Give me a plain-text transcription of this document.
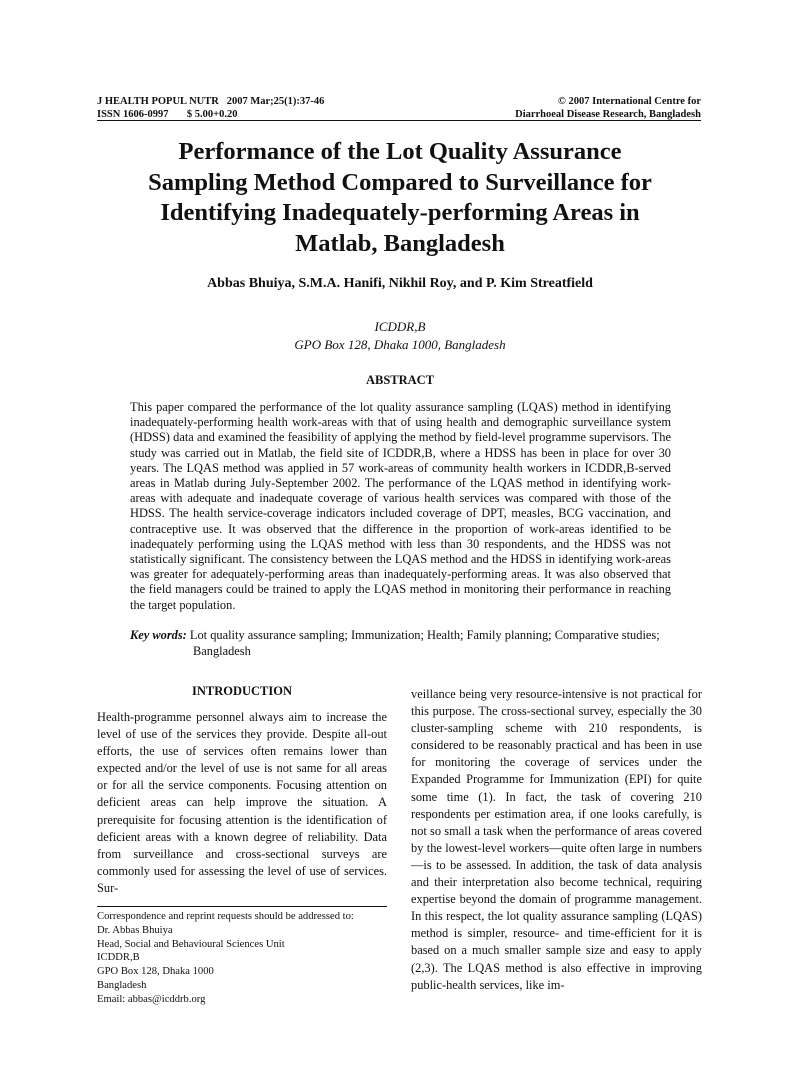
J HEALTH POPUL NUTR   2007 Mar;25(1):37-46
ISSN 1606-0997       $ 5.00+0.20
© 2007 International Centre for
Diarrhoeal Disease Research, Bangladesh
Performance of the Lot Quality Assurance
Sampling Method Compared to Surveillance for
Identifying Inadequately-performing Areas in
Matlab, Bangladesh
Abbas Bhuiya, S.M.A. Hanifi, Nikhil Roy, and P. Kim Streatfield
ICDDR,B
GPO Box 128, Dhaka 1000, Bangladesh
ABSTRACT

This paper compared the performance of the lot quality assurance sampling (LQAS) method in identifying inadequately-performing health work-areas with that of using health and demographic surveillance system (HDSS) data and examined the feasibility of applying the method by field-level programme supervisors. The study was carried out in Matlab, the field site of ICDDR,B, where a HDSS has been in place for over 30 years. The LQAS method was applied in 57 work-areas of community health workers in ICDDR,B-served areas in Matlab during July-September 2002. The performance of the LQAS method in identifying work-areas with adequate and inadequate coverage of various health services was compared with those of the HDSS. The health service-coverage indicators included coverage of DPT, measles, BCG vaccination, and contraceptive use. It was observed that the difference in the proportion of work-areas identified to be inadequately performing using the LQAS method with less than 30 respondents, and the HDSS was not statistically significant. The consistency between the LQAS method and the HDSS in identifying work-areas was greater for adequately-performing areas than inadequately-performing areas. It was also observed that the field managers could be trained to apply the LQAS method in monitoring their performance in reaching the target population.

Key words: Lot quality assurance sampling; Immunization; Health; Family planning; Comparative studies; Bangladesh
INTRODUCTION

Health-programme personnel always aim to increase the level of use of the services they provide. Despite all-out efforts, the use of services often remains lower than expected and/or the level of use is not same for all areas or for all the service components. Focusing attention on deficient areas can help improve the situation. A prerequisite for focusing attention is the identification of deficient areas with a known degree of reliability. Data from surveillance and cross-sectional surveys are commonly used for assessing the level of use of services. Sur-

Correspondence and reprint requests should be addressed to:
Dr. Abbas Bhuiya
Head, Social and Behavioural Sciences Unit
ICDDR,B
GPO Box 128, Dhaka 1000
Bangladesh
Email: abbas@icddrb.org

veillance being very resource-intensive is not practical for this purpose. The cross-sectional survey, especially the 30 cluster-sampling scheme with 210 respondents, is considered to be reasonably practical and has been in use for monitoring the coverage of services under the Expanded Programme for Immunization (EPI) for quite some time (1). In fact, the task of covering 210 respondents per estimation area, if one looks carefully, is not so small a task when the performance of areas covered by the lowest-level workers—quite often large in numbers—is to be assessed. In addition, the task of data analysis and their interpretation also become technical, requiring expertise beyond the domain of programme management. In this respect, the lot quality assurance sampling (LQAS) method is simpler, resource- and time-efficient for it is based on a much smaller sample size and easy to apply (2,3). The LQAS method is also effective in improving public-health services, like im-
